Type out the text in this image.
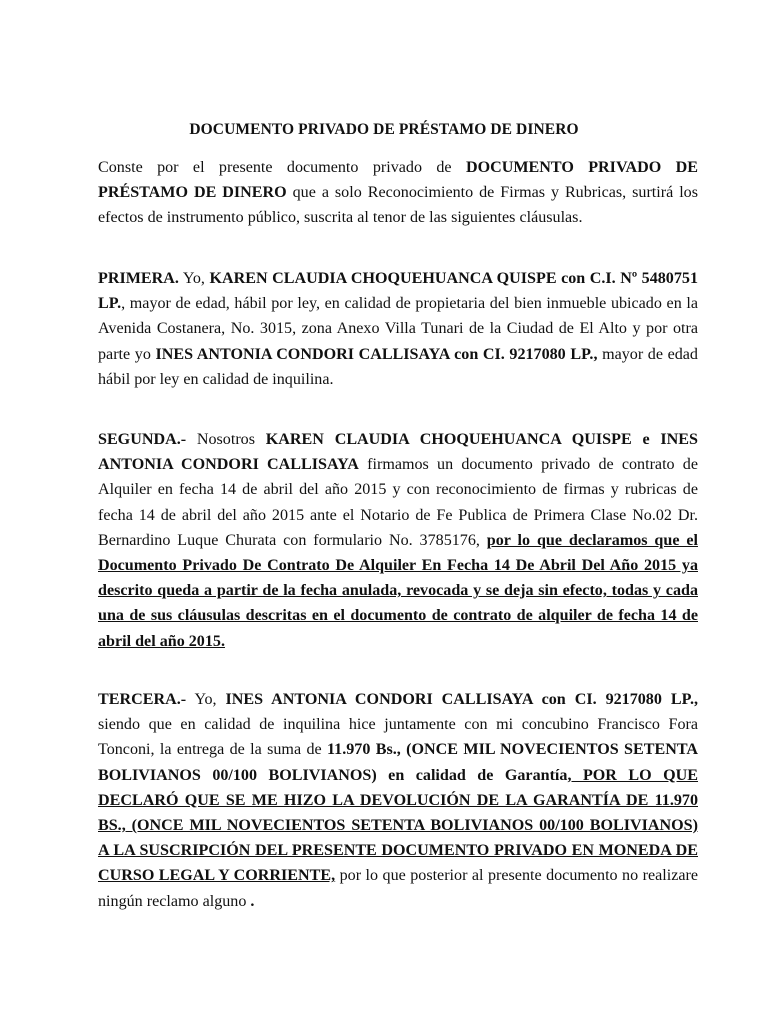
DOCUMENTO PRIVADO DE PRÉSTAMO DE DINERO

Conste por el presente documento privado de DOCUMENTO PRIVADO DE PRÉSTAMO DE DINERO que a solo Reconocimiento de Firmas y Rubricas, surtirá los efectos de instrumento público, suscrita al tenor de las siguientes cláusulas.

PRIMERA. Yo, KAREN CLAUDIA CHOQUEHUANCA QUISPE con C.I. Nº 5480751 LP., mayor de edad, hábil por ley, en calidad de propietaria del bien inmueble ubicado en la Avenida Costanera, No. 3015, zona Anexo Villa Tunari de la Ciudad de El Alto y por otra parte yo INES ANTONIA CONDORI CALLISAYA con CI. 9217080 LP., mayor de edad hábil por ley en calidad de inquilina.

SEGUNDA.- Nosotros KAREN CLAUDIA CHOQUEHUANCA QUISPE e INES ANTONIA CONDORI CALLISAYA firmamos un documento privado de contrato de Alquiler en fecha 14 de abril del año 2015 y con reconocimiento de firmas y rubricas de fecha 14 de abril del año 2015 ante el Notario de Fe Publica de Primera Clase No.02 Dr. Bernardino Luque Churata con formulario No. 3785176, por lo que declaramos que el Documento Privado De Contrato De Alquiler En Fecha 14 De Abril Del Año 2015 ya descrito queda a partir de la fecha anulada, revocada y se deja sin efecto, todas y cada una de sus cláusulas descritas en el documento de contrato de alquiler de fecha 14 de abril del año 2015.

TERCERA.- Yo, INES ANTONIA CONDORI CALLISAYA con CI. 9217080 LP., siendo que en calidad de inquilina hice juntamente con mi concubino Francisco Fora Tonconi, la entrega de la suma de 11.970 Bs., (ONCE MIL NOVECIENTOS SETENTA BOLIVIANOS 00/100 BOLIVIANOS) en calidad de Garantía, POR LO QUE DECLARÓ QUE SE ME HIZO LA DEVOLUCIÓN DE LA GARANTÍA DE 11.970 BS., (ONCE MIL NOVECIENTOS SETENTA BOLIVIANOS 00/100 BOLIVIANOS) A LA SUSCRIPCIÓN DEL PRESENTE DOCUMENTO PRIVADO EN MONEDA DE CURSO LEGAL Y CORRIENTE, por lo que posterior al presente documento no realizare ningún reclamo alguno .
